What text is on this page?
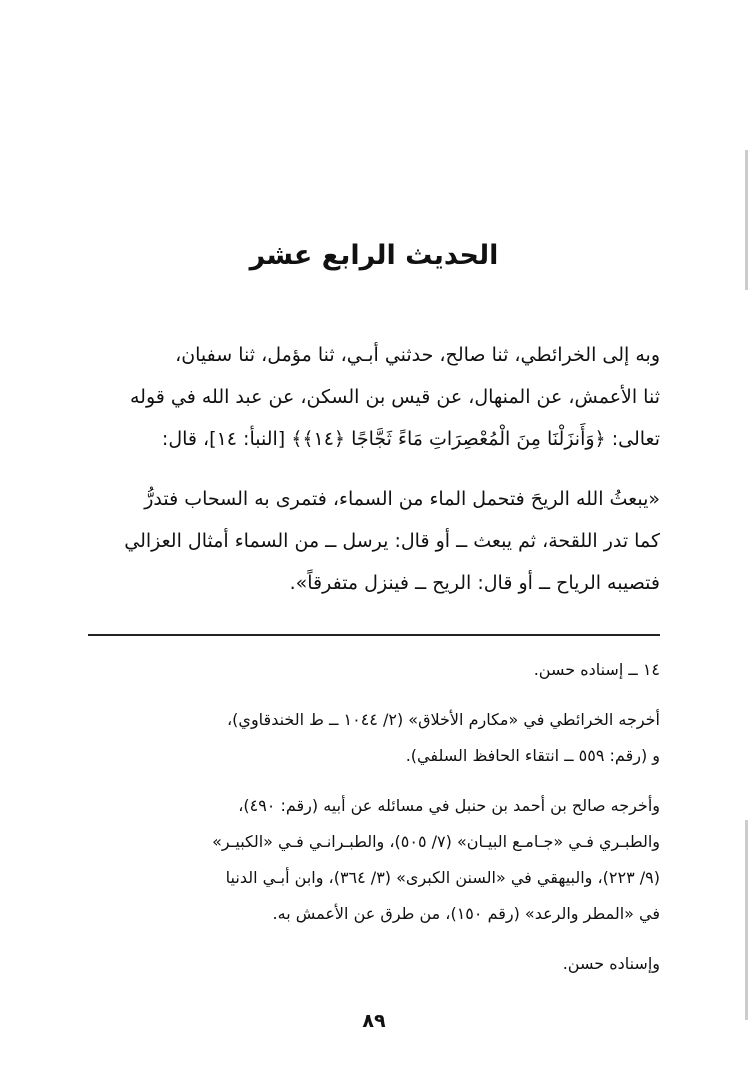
الحديث الرابع عشر
وبه إلى الخرائطي، ثنا صالح، حدثني أبـي، ثنا مؤمل، ثنا سفيان،
ثنا الأعمش، عن المنهال، عن قيس بن السكن، عن عبد الله في قوله
تعالى: ﴿وَأَنزَلْنَا مِنَ الْمُعْصِرَاتِ مَاءً ثَجَّاجًا ﴿١٤﴾﴾ [النبأ: ١٤]، قال:
«يبعثُ الله الريحَ فتحمل الماء من السماء، فتمرى به السحاب فتدرُّ
كما تدر اللقحة، ثم يبعث ــ أو قال: يرسل ــ من السماء أمثال العزالي
فتصيبه الرياح ــ أو قال: الريح ــ فينزل متفرقاً».
١٤ ــ إسناده حسن.
أخرجه الخرائطي في «مكارم الأخلاق» (٢/ ١٠٤٤ ــ ط الخندقاوي)،
و (رقم: ٥٥٩ ــ انتقاء الحافظ السلفي).
وأخرجه صالح بن أحمد بن حنبل في مسائله عن أبيه (رقم: ٤٩٠)،
والطبـري فـي «جـامـع البيـان» (٧/ ٥٠٥)، والطبـرانـي فـي «الكبيـر»
(٩/ ٢٢٣)، والبيهقي في «السنن الكبرى» (٣/ ٣٦٤)، وابن أبـي الدنيا
في «المطر والرعد» (رقم ١٥٠)، من طرق عن الأعمش به.
وإسناده حسن.
٨٩
